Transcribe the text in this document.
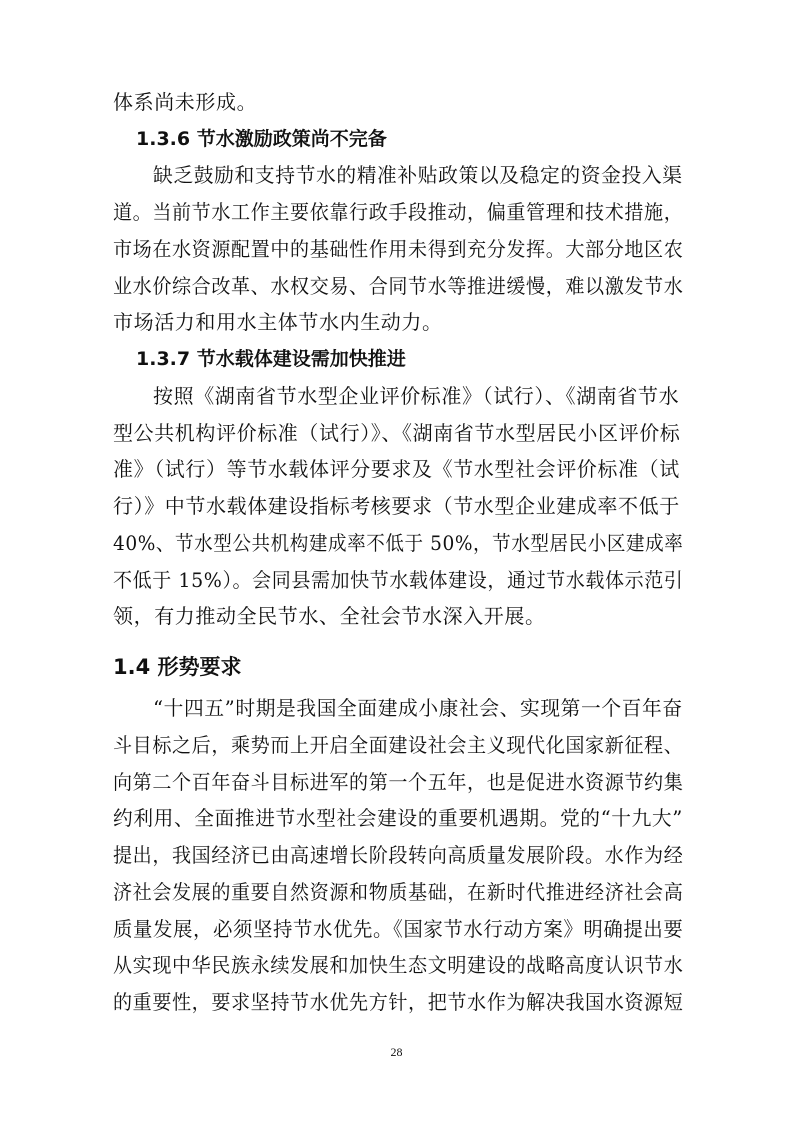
体系尚未形成。
1.3.6 节水激励政策尚不完备
缺乏鼓励和支持节水的精准补贴政策以及稳定的资金投入渠
道。当前节水工作主要依靠行政手段推动，偏重管理和技术措施，
市场在水资源配置中的基础性作用未得到充分发挥。大部分地区农
业水价综合改革、水权交易、合同节水等推进缓慢，难以激发节水
市场活力和用水主体节水内生动力。
1.3.7 节水载体建设需加快推进
按照《湖南省节水型企业评价标准》（试行）、《湖南省节水
型公共机构评价标准（试行）》、《湖南省节水型居民小区评价标
准》（试行）等节水载体评分要求及《节水型社会评价标准（试
行）》中节水载体建设指标考核要求（节水型企业建成率不低于
40%、节水型公共机构建成率不低于 50%，节水型居民小区建成率
不低于 15%）。会同县需加快节水载体建设，通过节水载体示范引
领，有力推动全民节水、全社会节水深入开展。
1.4 形势要求
“十四五”时期是我国全面建成小康社会、实现第一个百年奋
斗目标之后，乘势而上开启全面建设社会主义现代化国家新征程、
向第二个百年奋斗目标进军的第一个五年，也是促进水资源节约集
约利用、全面推进节水型社会建设的重要机遇期。党的“十九大”
提出，我国经济已由高速增长阶段转向高质量发展阶段。水作为经
济社会发展的重要自然资源和物质基础，在新时代推进经济社会高
质量发展，必须坚持节水优先。《国家节水行动方案》明确提出要
从实现中华民族永续发展和加快生态文明建设的战略高度认识节水
的重要性，要求坚持节水优先方针，把节水作为解决我国水资源短
28
